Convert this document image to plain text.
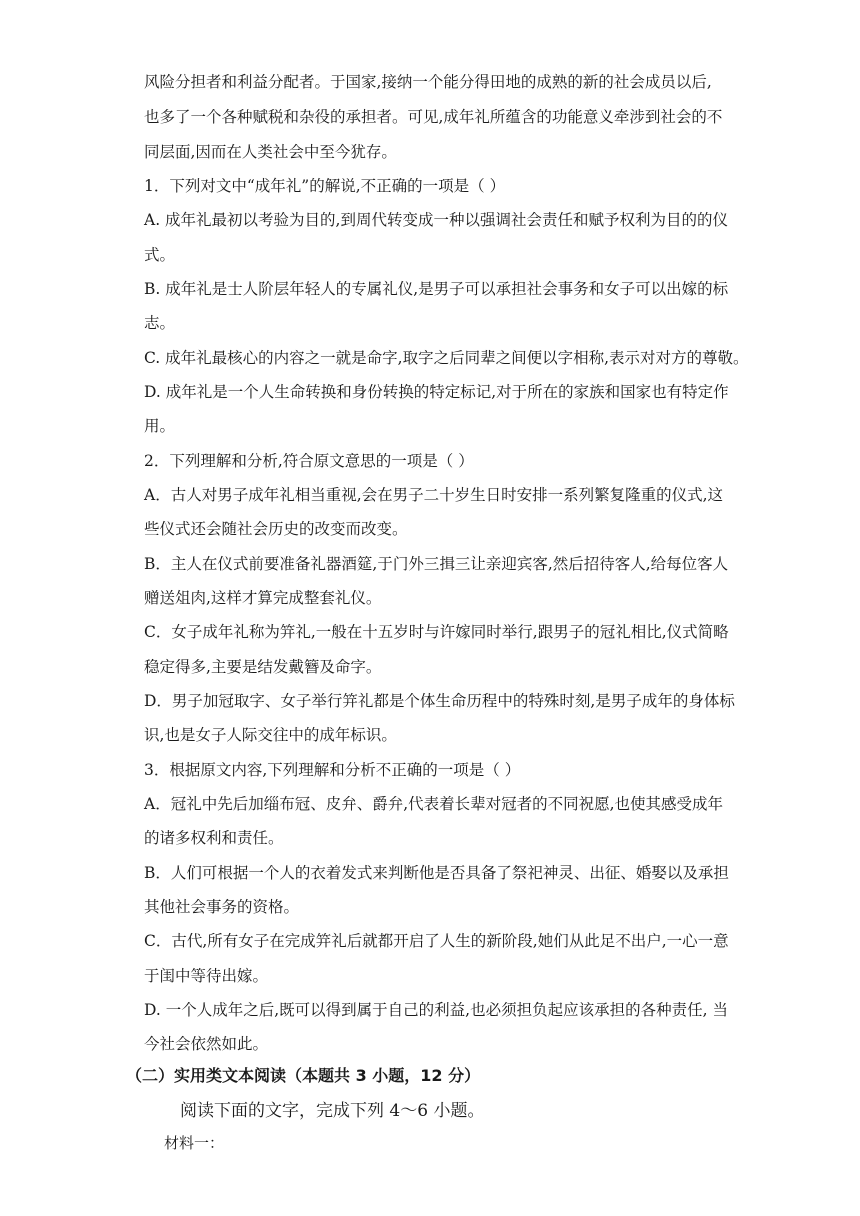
风险分担者和利益分配者。于国家,接纳一个能分得田地的成熟的新的社会成员以后,
也多了一个各种赋税和杂役的承担者。可见,成年礼所蕴含的功能意义牵涉到社会的不
同层面,因而在人类社会中至今犹存。
1．下列对文中“成年礼”的解说,不正确的一项是（ ）
A. 成年礼最初以考验为目的,到周代转变成一种以强调社会责任和赋予权利为目的的仪
式。
B. 成年礼是士人阶层年轻人的专属礼仪,是男子可以承担社会事务和女子可以出嫁的标
志。
C. 成年礼最核心的内容之一就是命字,取字之后同辈之间便以字相称,表示对对方的尊敬。
D. 成年礼是一个人生命转换和身份转换的特定标记,对于所在的家族和国家也有特定作
用。
2．下列理解和分析,符合原文意思的一项是（ ）
A．古人对男子成年礼相当重视,会在男子二十岁生日时安排一系列繁复隆重的仪式,这
些仪式还会随社会历史的改变而改变。
B．主人在仪式前要准备礼器酒筵,于门外三揖三让亲迎宾客,然后招待客人,给每位客人
赠送俎肉,这样才算完成整套礼仪。
C．女子成年礼称为笄礼,一般在十五岁时与许嫁同时举行,跟男子的冠礼相比,仪式简略
稳定得多,主要是结发戴簪及命字。
D．男子加冠取字、女子举行笄礼都是个体生命历程中的特殊时刻,是男子成年的身体标
识,也是女子人际交往中的成年标识。
3．根据原文内容,下列理解和分析不正确的一项是（ ）
A．冠礼中先后加缁布冠、皮弁、爵弁,代表着长辈对冠者的不同祝愿,也使其感受成年
的诸多权利和责任。
B．人们可根据一个人的衣着发式来判断他是否具备了祭祀神灵、出征、婚娶以及承担
其他社会事务的资格。
C．古代,所有女子在完成笄礼后就都开启了人生的新阶段,她们从此足不出户,一心一意
于闺中等待出嫁。
D. 一个人成年之后,既可以得到属于自己的利益,也必须担负起应该承担的各种责任, 当
今社会依然如此。
（二）实用类文本阅读（本题共 3 小题，12 分）
阅读下面的文字，完成下列 4～6 小题。
材料一：
